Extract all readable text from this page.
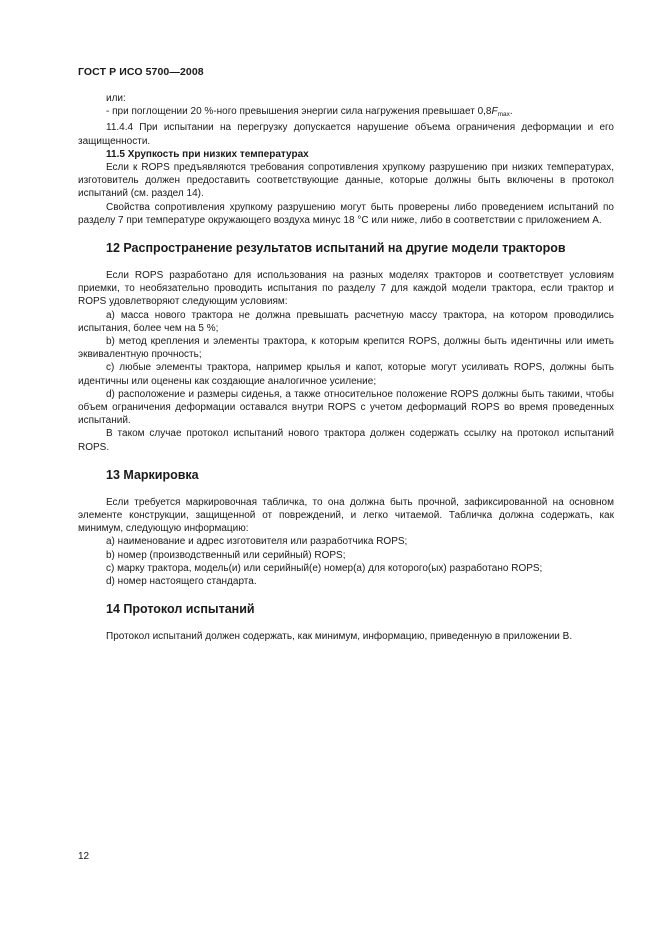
ГОСТ Р ИСО 5700—2008

или:

- при поглощении 20 %-ного превышения энергии сила нагружения превышает $0,8F_{max}$.

11.4.4 При испытании на перегрузку допускается нарушение объема ограничения деформации и его защищенности.

11.5 Хрупкость при низких температурах

Если к ROPS предъявляются требования сопротивления хрупкому разрушению при низких температурах, изготовитель должен предоставить соответствующие данные, которые должны быть включены в протокол испытаний (см. раздел 14).

Свойства сопротивления хрупкому разрушению могут быть проверены либо проведением испытаний по разделу 7 при температуре окружающего воздуха минус 18 °С или ниже, либо в соответствии с приложением А.

12 Распространение результатов испытаний на другие модели тракторов

Если ROPS разработано для использования на разных моделях тракторов и соответствует условиям приемки, то необязательно проводить испытания по разделу 7 для каждой модели трактора, если трактор и ROPS удовлетворяют следующим условиям:

a) масса нового трактора не должна превышать расчетную массу трактора, на котором проводились испытания, более чем на 5 %;

b) метод крепления и элементы трактора, к которым крепится ROPS, должны быть идентичны или иметь эквивалентную прочность;

c) любые элементы трактора, например крылья и капот, которые могут усиливать ROPS, должны быть идентичны или оценены как создающие аналогичное усиление;

d) расположение и размеры сиденья, а также относительное положение ROPS должны быть такими, чтобы объем ограничения деформации оставался внутри ROPS с учетом деформаций ROPS во время проведенных испытаний.

В таком случае протокол испытаний нового трактора должен содержать ссылку на протокол испытаний ROPS.

13 Маркировка

Если требуется маркировочная табличка, то она должна быть прочной, зафиксированной на основном элементе конструкции, защищенной от повреждений, и легко читаемой. Табличка должна содержать, как минимум, следующую информацию:

a) наименование и адрес изготовителя или разработчика ROPS;

b) номер (производственный или серийный) ROPS;

c) марку трактора, модель(и) или серийный(е) номер(а) для которого(ых) разработано ROPS;

d) номер настоящего стандарта.

14 Протокол испытаний

Протокол испытаний должен содержать, как минимум, информацию, приведенную в приложении В.

12
